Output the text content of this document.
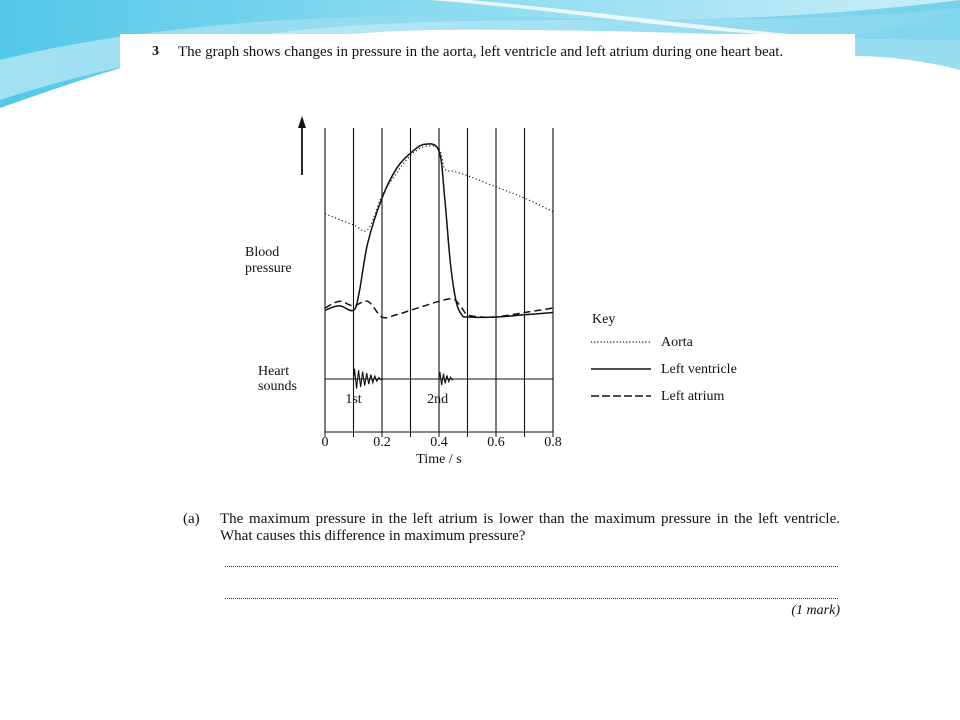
3 The graph shows changes in pressure in the aorta, left ventricle and left atrium during one heart beat.
1st	2nd
0	0.2	0.4	0.6	0.8
Blood
pressure
Heart
sounds
Time / s
Key
Aorta
Left ventricle
Left atrium
(a) The maximum pressure in the left atrium is lower than the maximum pressure in the left ventricle. What causes this difference in maximum pressure?
(1 mark)
